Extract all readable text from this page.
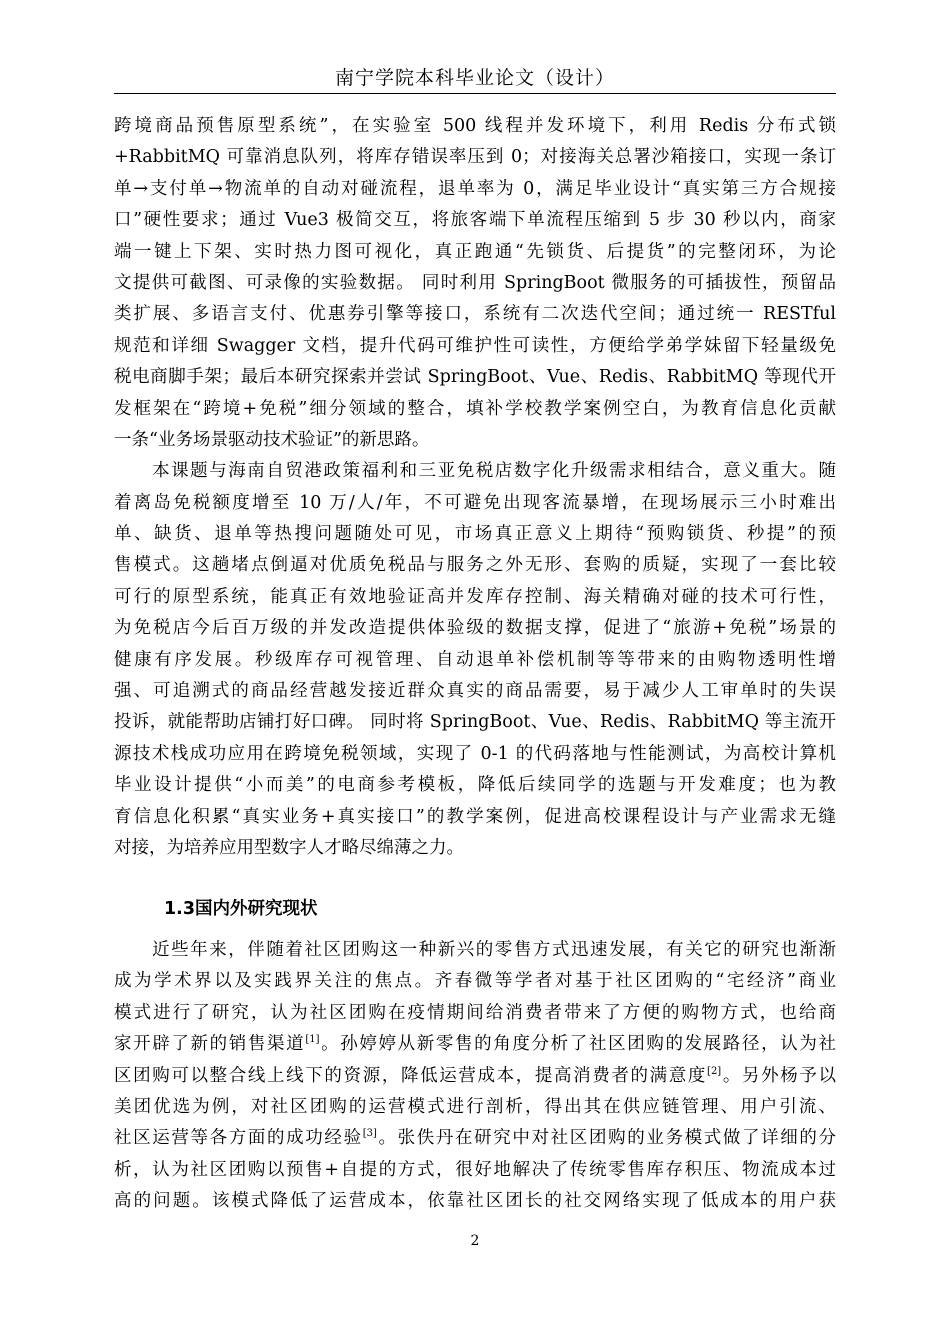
南宁学院本科毕业论文（设计）
跨境商品预售原型系统”，在实验室 500 线程并发环境下，利用 Redis 分布式锁
+RabbitMQ 可靠消息队列，将库存错误率压到 0；对接海关总署沙箱接口，实现一条订
单→支付单→物流单的自动对碰流程，退单率为 0，满足毕业设计“真实第三方合规接
口”硬性要求；通过 Vue3 极简交互，将旅客端下单流程压缩到 5 步 30 秒以内，商家
端一键上下架、实时热力图可视化，真正跑通“先锁货、后提货”的完整闭环，为论
文提供可截图、可录像的实验数据。 同时利用 SpringBoot 微服务的可插拔性，预留品
类扩展、多语言支付、优惠券引擎等接口，系统有二次迭代空间；通过统一 RESTful
规范和详细 Swagger 文档，提升代码可维护性可读性，方便给学弟学妹留下轻量级免
税电商脚手架；最后本研究探索并尝试 SpringBoot、Vue、Redis、RabbitMQ 等现代开
发框架在“跨境+免税”细分领域的整合，填补学校教学案例空白，为教育信息化贡献
一条“业务场景驱动技术验证”的新思路。
　　本课题与海南自贸港政策福利和三亚免税店数字化升级需求相结合，意义重大。随
着离岛免税额度增至 10 万/人/年，不可避免出现客流暴增，在现场展示三小时难出
单、缺货、退单等热搜问题随处可见，市场真正意义上期待“预购锁货、秒提”的预
售模式。这趟堵点倒逼对优质免税品与服务之外无形、套购的质疑，实现了一套比较
可行的原型系统，能真正有效地验证高并发库存控制、海关精确对碰的技术可行性，
为免税店今后百万级的并发改造提供体验级的数据支撑，促进了“旅游+免税”场景的
健康有序发展。秒级库存可视管理、自动退单补偿机制等等带来的由购物透明性增
强、可追溯式的商品经营越发接近群众真实的商品需要，易于减少人工审单时的失误
投诉，就能帮助店铺打好口碑。 同时将 SpringBoot、Vue、Redis、RabbitMQ 等主流开
源技术栈成功应用在跨境免税领域，实现了 0-1 的代码落地与性能测试，为高校计算机
毕业设计提供“小而美”的电商参考模板，降低后续同学的选题与开发难度；也为教
育信息化积累“真实业务+真实接口”的教学案例，促进高校课程设计与产业需求无缝
对接，为培养应用型数字人才略尽绵薄之力。
1.3国内外研究现状
　　近些年来，伴随着社区团购这一种新兴的零售方式迅速发展，有关它的研究也渐渐
成为学术界以及实践界关注的焦点。齐春微等学者对基于社区团购的“宅经济”商业
模式进行了研究，认为社区团购在疫情期间给消费者带来了方便的购物方式，也给商
家开辟了新的销售渠道[1]。孙婷婷从新零售的角度分析了社区团购的发展路径，认为社
区团购可以整合线上线下的资源，降低运营成本，提高消费者的满意度[2]。另外杨予以
美团优选为例，对社区团购的运营模式进行剖析，得出其在供应链管理、用户引流、
社区运营等各方面的成功经验[3]。张佚丹在研究中对社区团购的业务模式做了详细的分
析，认为社区团购以预售+自提的方式，很好地解决了传统零售库存积压、物流成本过
高的问题。该模式降低了运营成本，依靠社区团长的社交网络实现了低成本的用户获
2
